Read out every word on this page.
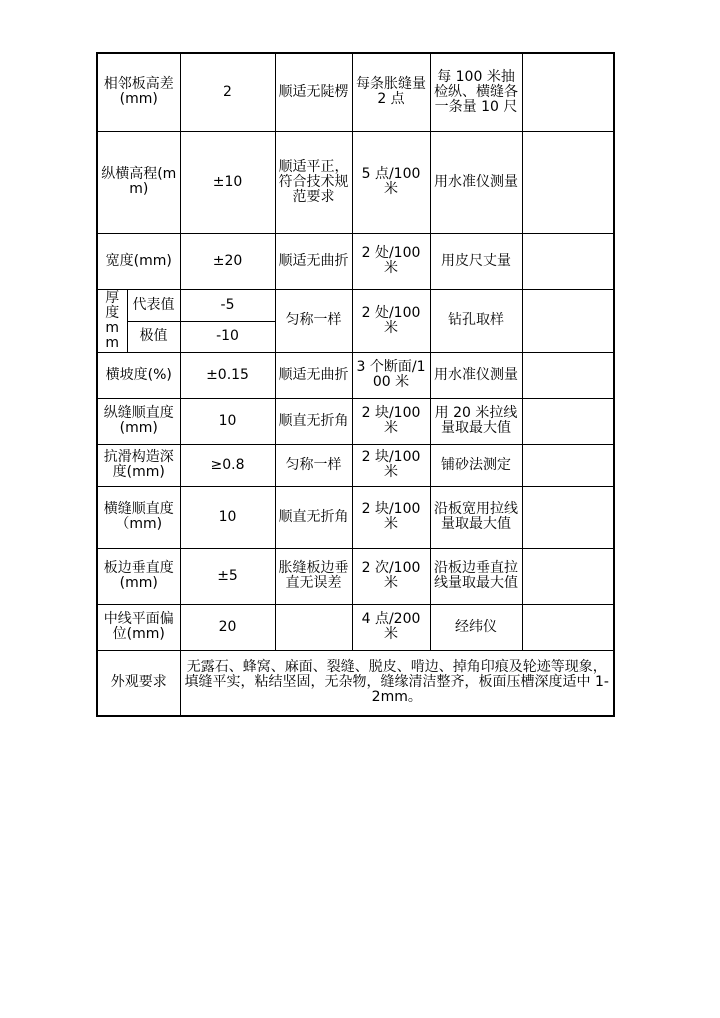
相邻板高差(mm)		2	顺适无陡楞	每条胀缝量 2 点	每 100 米抽检纵、横缝各一条量 10 尺	
纵横高程(mm)		±10	顺适平正，符合技术规范要求	5 点/100米	用水准仪测量	
宽度(mm)		±20	顺适无曲折	2 处/100米	用皮尺丈量	
厚度mm	代表值	-5	匀称一样	2 处/100米	钻孔取样	
	极值	-10				
横坡度(%)		±0.15	顺适无曲折	3 个断面/100 米	用水准仪测量	
纵缝顺直度(mm)		10	顺直无折角	2 块/100米	用 20 米拉线量取最大值	
抗滑构造深度(mm)		≥0.8	匀称一样	2 块/100米	铺砂法测定	
横缝顺直度（mm)		10	顺直无折角	2 块/100米	沿板宽用拉线量取最大值	
板边垂直度(mm)		±5	胀缝板边垂直无误差	2 次/100米	沿板边垂直拉线量取最大值	
中线平面偏位(mm)		20		4 点/200米	经纬仪	
外观要求		无露石、蜂窝、麻面、裂缝、脱皮、啃边、掉角印痕及轮迹等现象，填缝平实，粘结坚固，无杂物，缝缘清洁整齐，板面压槽深度适中 1-2mm。				
